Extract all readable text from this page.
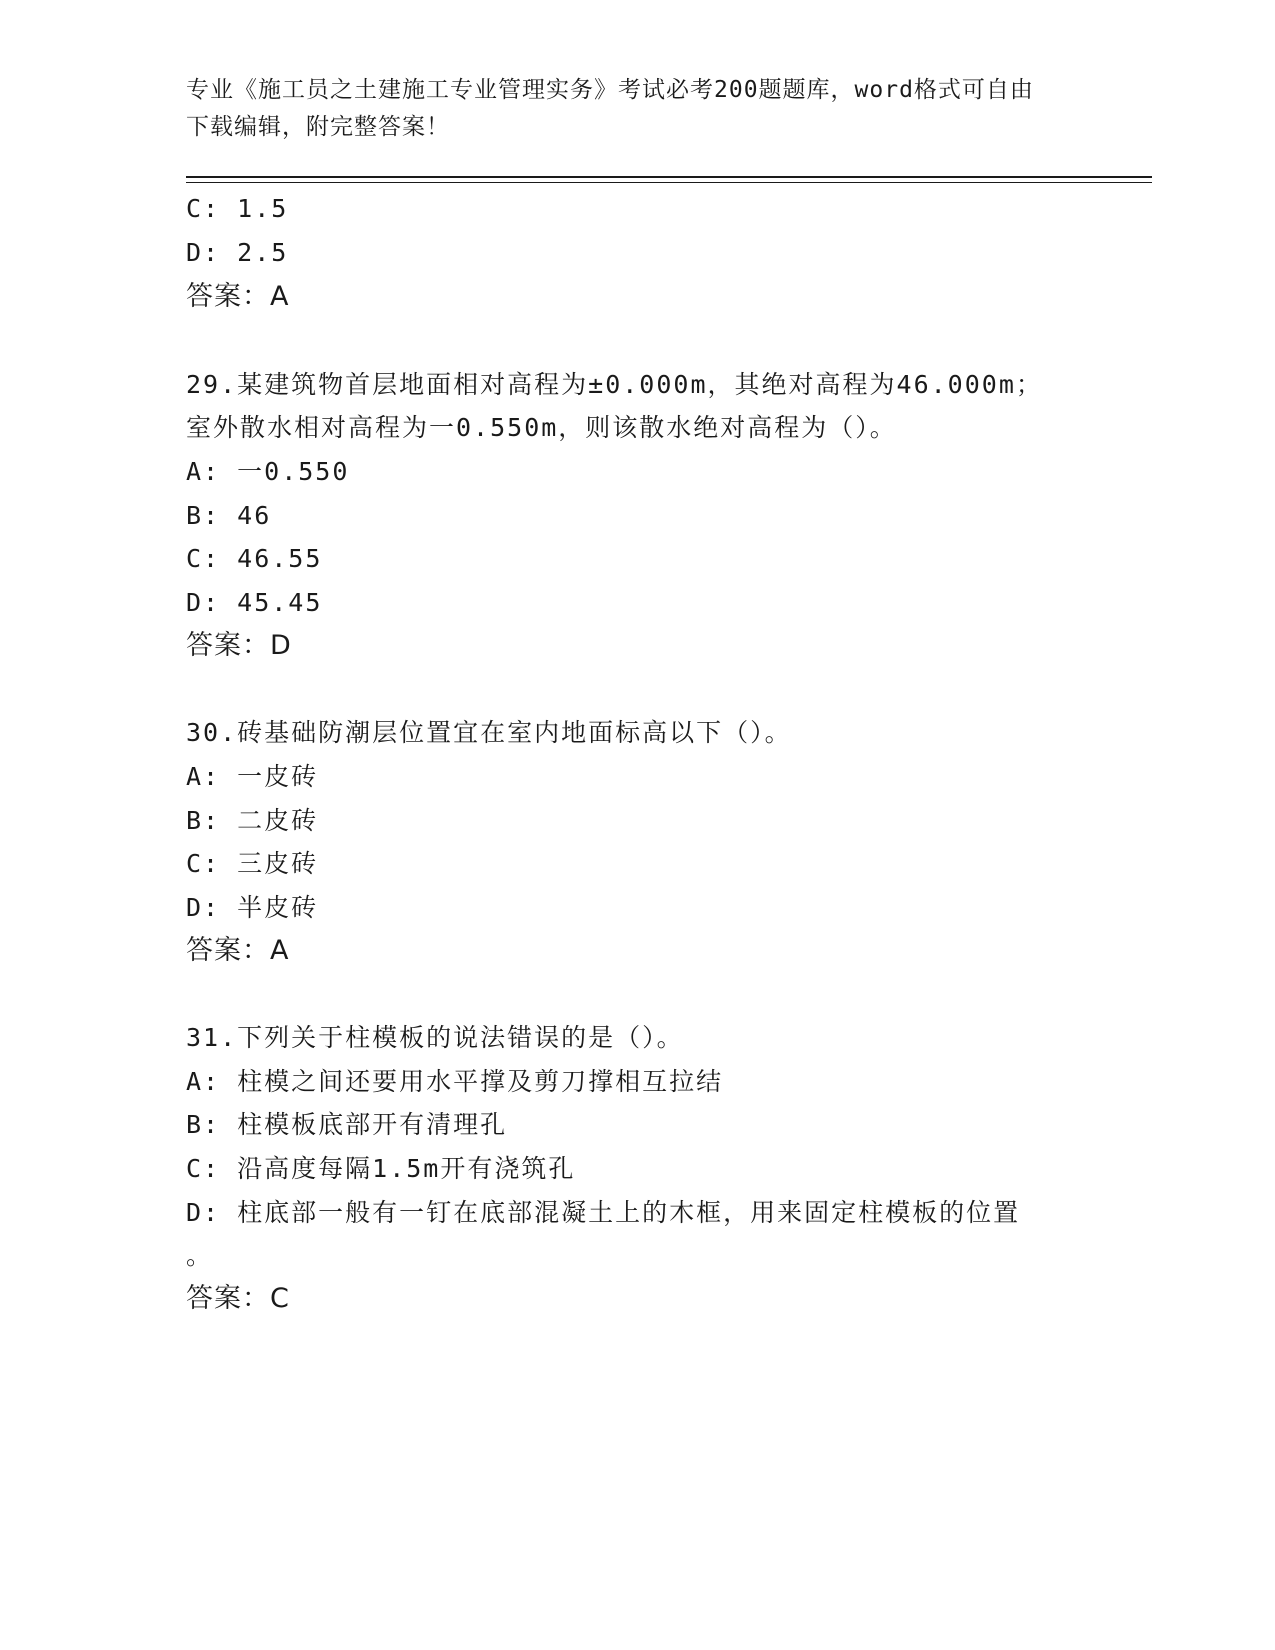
专业《施工员之土建施工专业管理实务》考试必考200题题库，word格式可自由
下载编辑，附完整答案！
C: 1.5
D: 2.5
答案：A
29.某建筑物首层地面相对高程为±0.000m，其绝对高程为46.000m；
室外散水相对高程为一0.550m，则该散水绝对高程为（）。
A: 一0.550
B: 46
C: 46.55
D: 45.45
答案：D
30.砖基础防潮层位置宜在室内地面标高以下（）。
A: 一皮砖
B: 二皮砖
C: 三皮砖
D: 半皮砖
答案：A
31.下列关于柱模板的说法错误的是（）。
A: 柱模之间还要用水平撑及剪刀撑相互拉结
B: 柱模板底部开有清理孔
C: 沿高度每隔1.5m开有浇筑孔
D: 柱底部一般有一钉在底部混凝土上的木框，用来固定柱模板的位置
。
答案：C
